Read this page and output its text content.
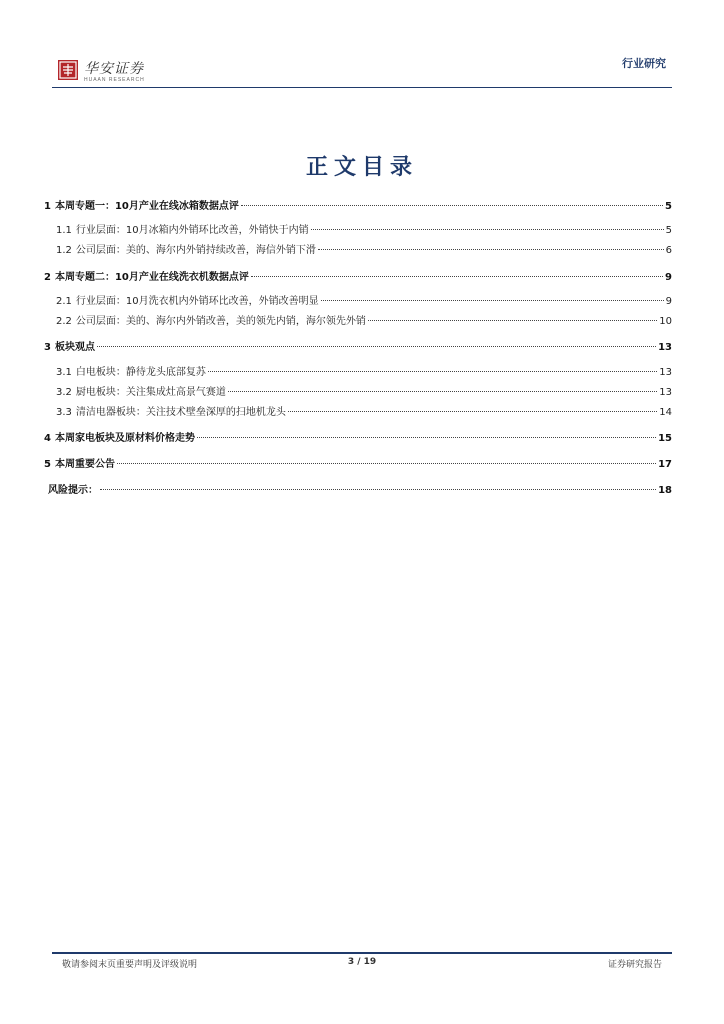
华安证券
HUAAN RESEARCH
行业研究
正文目录
1 本周专题一：10月产业在线冰箱数据点评	5
1.1 行业层面：10月冰箱内外销环比改善，外销快于内销	5
1.2 公司层面：美的、海尔内外销持续改善，海信外销下滑	6
2 本周专题二：10月产业在线洗衣机数据点评	9
2.1 行业层面：10月洗衣机内外销环比改善，外销改善明显	9
2.2 公司层面：美的、海尔内外销改善，美的领先内销，海尔领先外销	10
3 板块观点	13
3.1 白电板块：静待龙头底部复苏	13
3.2 厨电板块：关注集成灶高景气赛道	13
3.3 清洁电器板块：关注技术壁垒深厚的扫地机龙头	14
4 本周家电板块及原材料价格走势	15
5 本周重要公告	17
风险提示：	18
敬请参阅末页重要声明及评级说明	3 / 19	证券研究报告
